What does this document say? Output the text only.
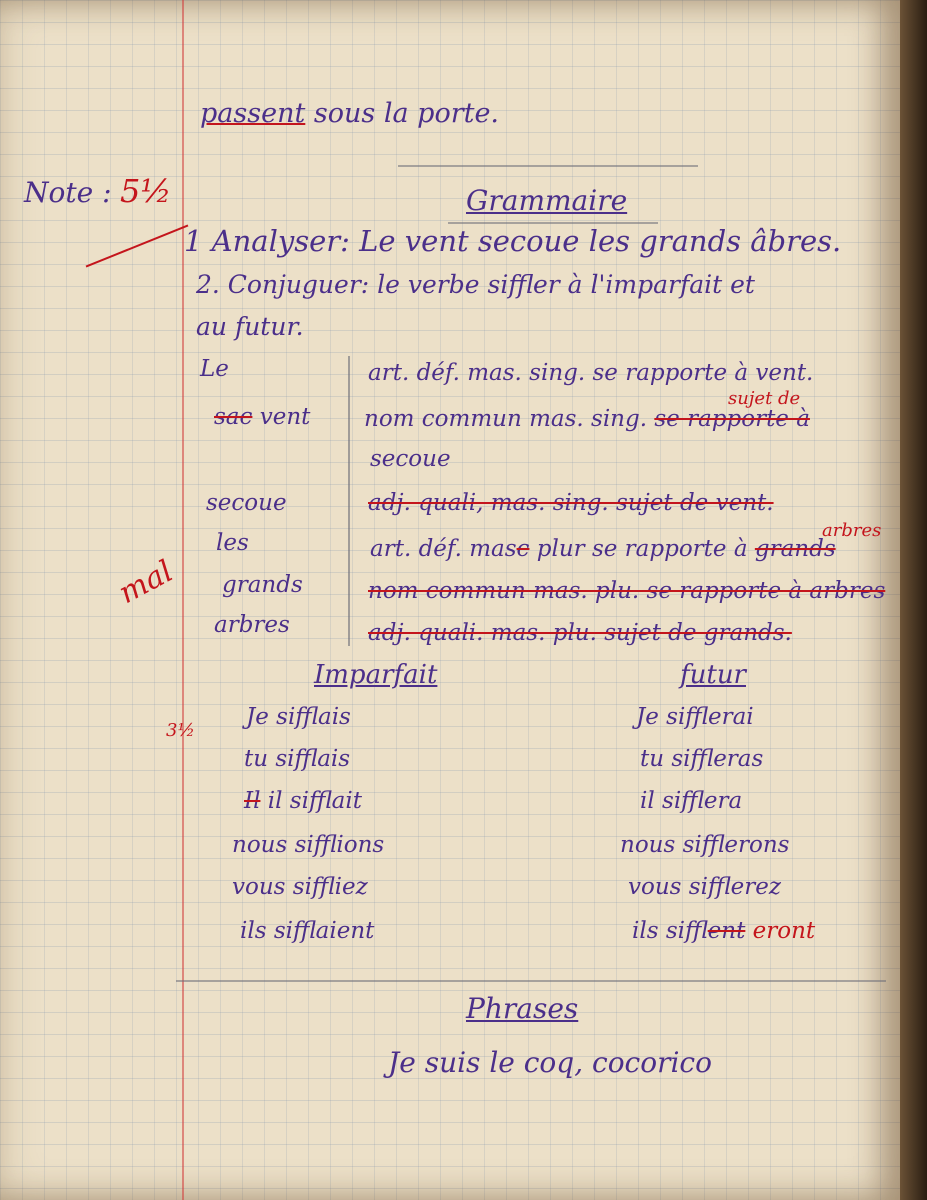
passent sous la porte.
Note : 5½	Grammaire
1 Analyser: Le vent secoue les grands âbres.
2. Conjuguer: le verbe siffler à l'imparfait et
au futur.
Le
sac vent
secoue
les
grands
arbres
mal
art. déf. mas. sing. se rapporte à vent.
nom commun mas. sing. se rapporte à
sujet de
secoue
adj. quali, mas. sing. sujet de vent.
art. déf. masc plur se rapporte à grands
arbres
nom commun mas. plu. se rapporte à arbres
adj. quali. mas. plu. sujet de grands.
Imparfait
3½
Je sifflais
tu sifflais
Il il sifflait
nous sifflions
vous siffliez
ils sifflaient
futur
Je sifflerai
tu siffleras
il sifflera
nous sifflerons
vous sifflerez
ils sifflent eront
Phrases
Je suis le coq, cocorico
